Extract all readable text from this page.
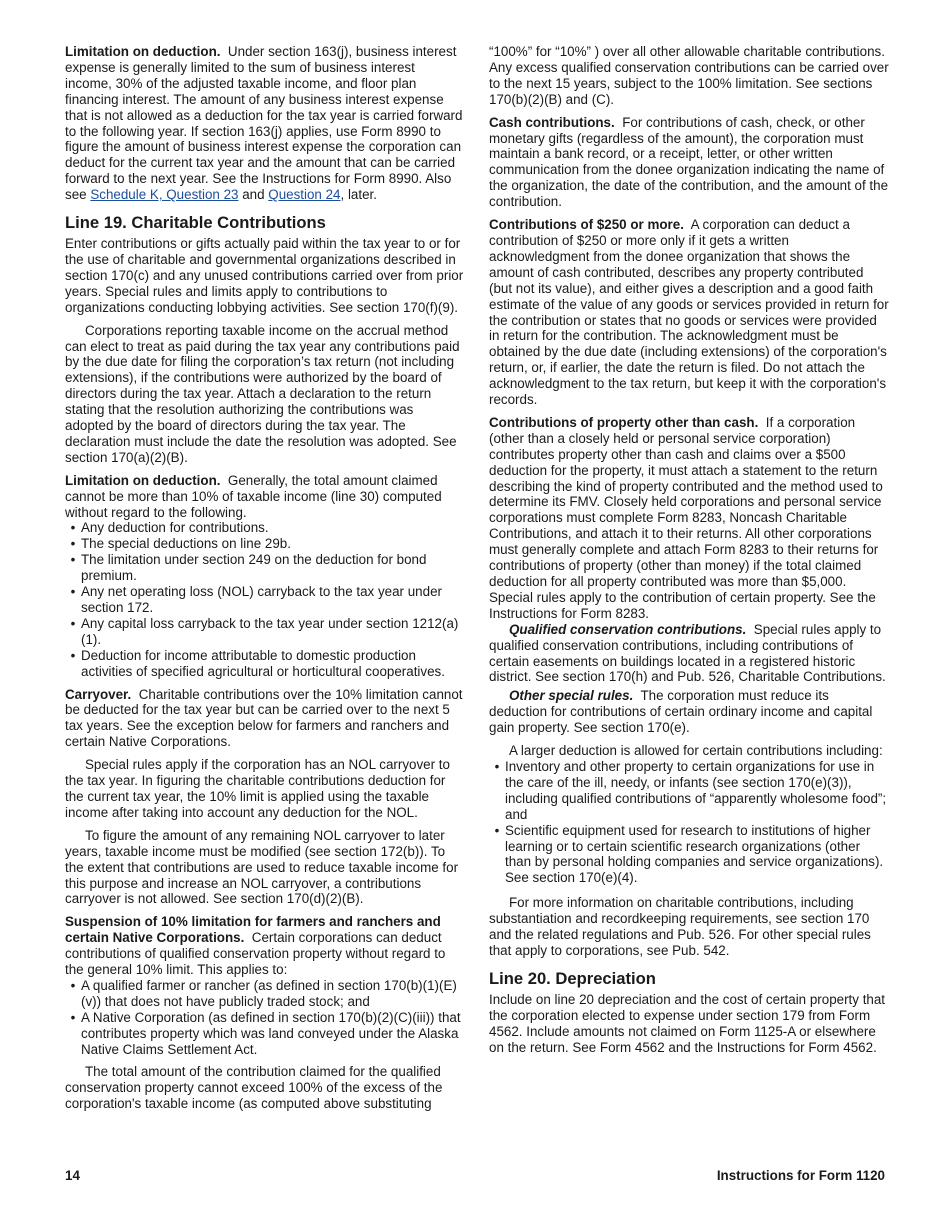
Limitation on deduction. Under section 163(j), business interest expense is generally limited to the sum of business interest income, 30% of the adjusted taxable income, and floor plan financing interest. The amount of any business interest expense that is not allowed as a deduction for the tax year is carried forward to the following year. If section 163(j) applies, use Form 8990 to figure the amount of business interest expense the corporation can deduct for the current tax year and the amount that can be carried forward to the next year. See the Instructions for Form 8990. Also see Schedule K, Question 23 and Question 24, later.

Line 19. Charitable Contributions

Enter contributions or gifts actually paid within the tax year to or for the use of charitable and governmental organizations described in section 170(c) and any unused contributions carried over from prior years. Special rules and limits apply to contributions to organizations conducting lobbying activities. See section 170(f)(9).

Corporations reporting taxable income on the accrual method can elect to treat as paid during the tax year any contributions paid by the due date for filing the corporation’s tax return (not including extensions), if the contributions were authorized by the board of directors during the tax year. Attach a declaration to the return stating that the resolution authorizing the contributions was adopted by the board of directors during the tax year. The declaration must include the date the resolution was adopted. See section 170(a)(2)(B).

Limitation on deduction. Generally, the total amount claimed cannot be more than 10% of taxable income (line 30) computed without regard to the following.

• Any deduction for contributions.
• The special deductions on line 29b.
• The limitation under section 249 on the deduction for bond premium.
• Any net operating loss (NOL) carryback to the tax year under section 172.
• Any capital loss carryback to the tax year under section 1212(a)(1).
• Deduction for income attributable to domestic production activities of specified agricultural or horticultural cooperatives.

Carryover. Charitable contributions over the 10% limitation cannot be deducted for the tax year but can be carried over to the next 5 tax years. See the exception below for farmers and ranchers and certain Native Corporations.

Special rules apply if the corporation has an NOL carryover to the tax year. In figuring the charitable contributions deduction for the current tax year, the 10% limit is applied using the taxable income after taking into account any deduction for the NOL.

To figure the amount of any remaining NOL carryover to later years, taxable income must be modified (see section 172(b)). To the extent that contributions are used to reduce taxable income for this purpose and increase an NOL carryover, a contributions carryover is not allowed. See section 170(d)(2)(B).

Suspension of 10% limitation for farmers and ranchers and certain Native Corporations. Certain corporations can deduct contributions of qualified conservation property without regard to the general 10% limit. This applies to:

• A qualified farmer or rancher (as defined in section 170(b)(1)(E)(v)) that does not have publicly traded stock; and
• A Native Corporation (as defined in section 170(b)(2)(C)(iii)) that contributes property which was land conveyed under the Alaska Native Claims Settlement Act.

The total amount of the contribution claimed for the qualified conservation property cannot exceed 100% of the excess of the corporation's taxable income (as computed above substituting

“100%” for “10%” ) over all other allowable charitable contributions. Any excess qualified conservation contributions can be carried over to the next 15 years, subject to the 100% limitation. See sections 170(b)(2)(B) and (C).

Cash contributions. For contributions of cash, check, or other monetary gifts (regardless of the amount), the corporation must maintain a bank record, or a receipt, letter, or other written communication from the donee organization indicating the name of the organization, the date of the contribution, and the amount of the contribution.

Contributions of $250 or more. A corporation can deduct a contribution of $250 or more only if it gets a written acknowledgment from the donee organization that shows the amount of cash contributed, describes any property contributed (but not its value), and either gives a description and a good faith estimate of the value of any goods or services provided in return for the contribution or states that no goods or services were provided in return for the contribution. The acknowledgment must be obtained by the due date (including extensions) of the corporation's return, or, if earlier, the date the return is filed. Do not attach the acknowledgment to the tax return, but keep it with the corporation's records.

Contributions of property other than cash. If a corporation (other than a closely held or personal service corporation) contributes property other than cash and claims over a $500 deduction for the property, it must attach a statement to the return describing the kind of property contributed and the method used to determine its FMV. Closely held corporations and personal service corporations must complete Form 8283, Noncash Charitable Contributions, and attach it to their returns. All other corporations must generally complete and attach Form 8283 to their returns for contributions of property (other than money) if the total claimed deduction for all property contributed was more than $5,000. Special rules apply to the contribution of certain property. See the Instructions for Form 8283.

Qualified conservation contributions. Special rules apply to qualified conservation contributions, including contributions of certain easements on buildings located in a registered historic district. See section 170(h) and Pub. 526, Charitable Contributions.

Other special rules. The corporation must reduce its deduction for contributions of certain ordinary income and capital gain property. See section 170(e).

A larger deduction is allowed for certain contributions including:

• Inventory and other property to certain organizations for use in the care of the ill, needy, or infants (see section 170(e)(3)), including qualified contributions of “apparently wholesome food”; and
• Scientific equipment used for research to institutions of higher learning or to certain scientific research organizations (other than by personal holding companies and service organizations). See section 170(e)(4).

For more information on charitable contributions, including substantiation and recordkeeping requirements, see section 170 and the related regulations and Pub. 526. For other special rules that apply to corporations, see Pub. 542.

Line 20. Depreciation

Include on line 20 depreciation and the cost of certain property that the corporation elected to expense under section 179 from Form 4562. Include amounts not claimed on Form 1125-A or elsewhere on the return. See Form 4562 and the Instructions for Form 4562.

14	Instructions for Form 1120
